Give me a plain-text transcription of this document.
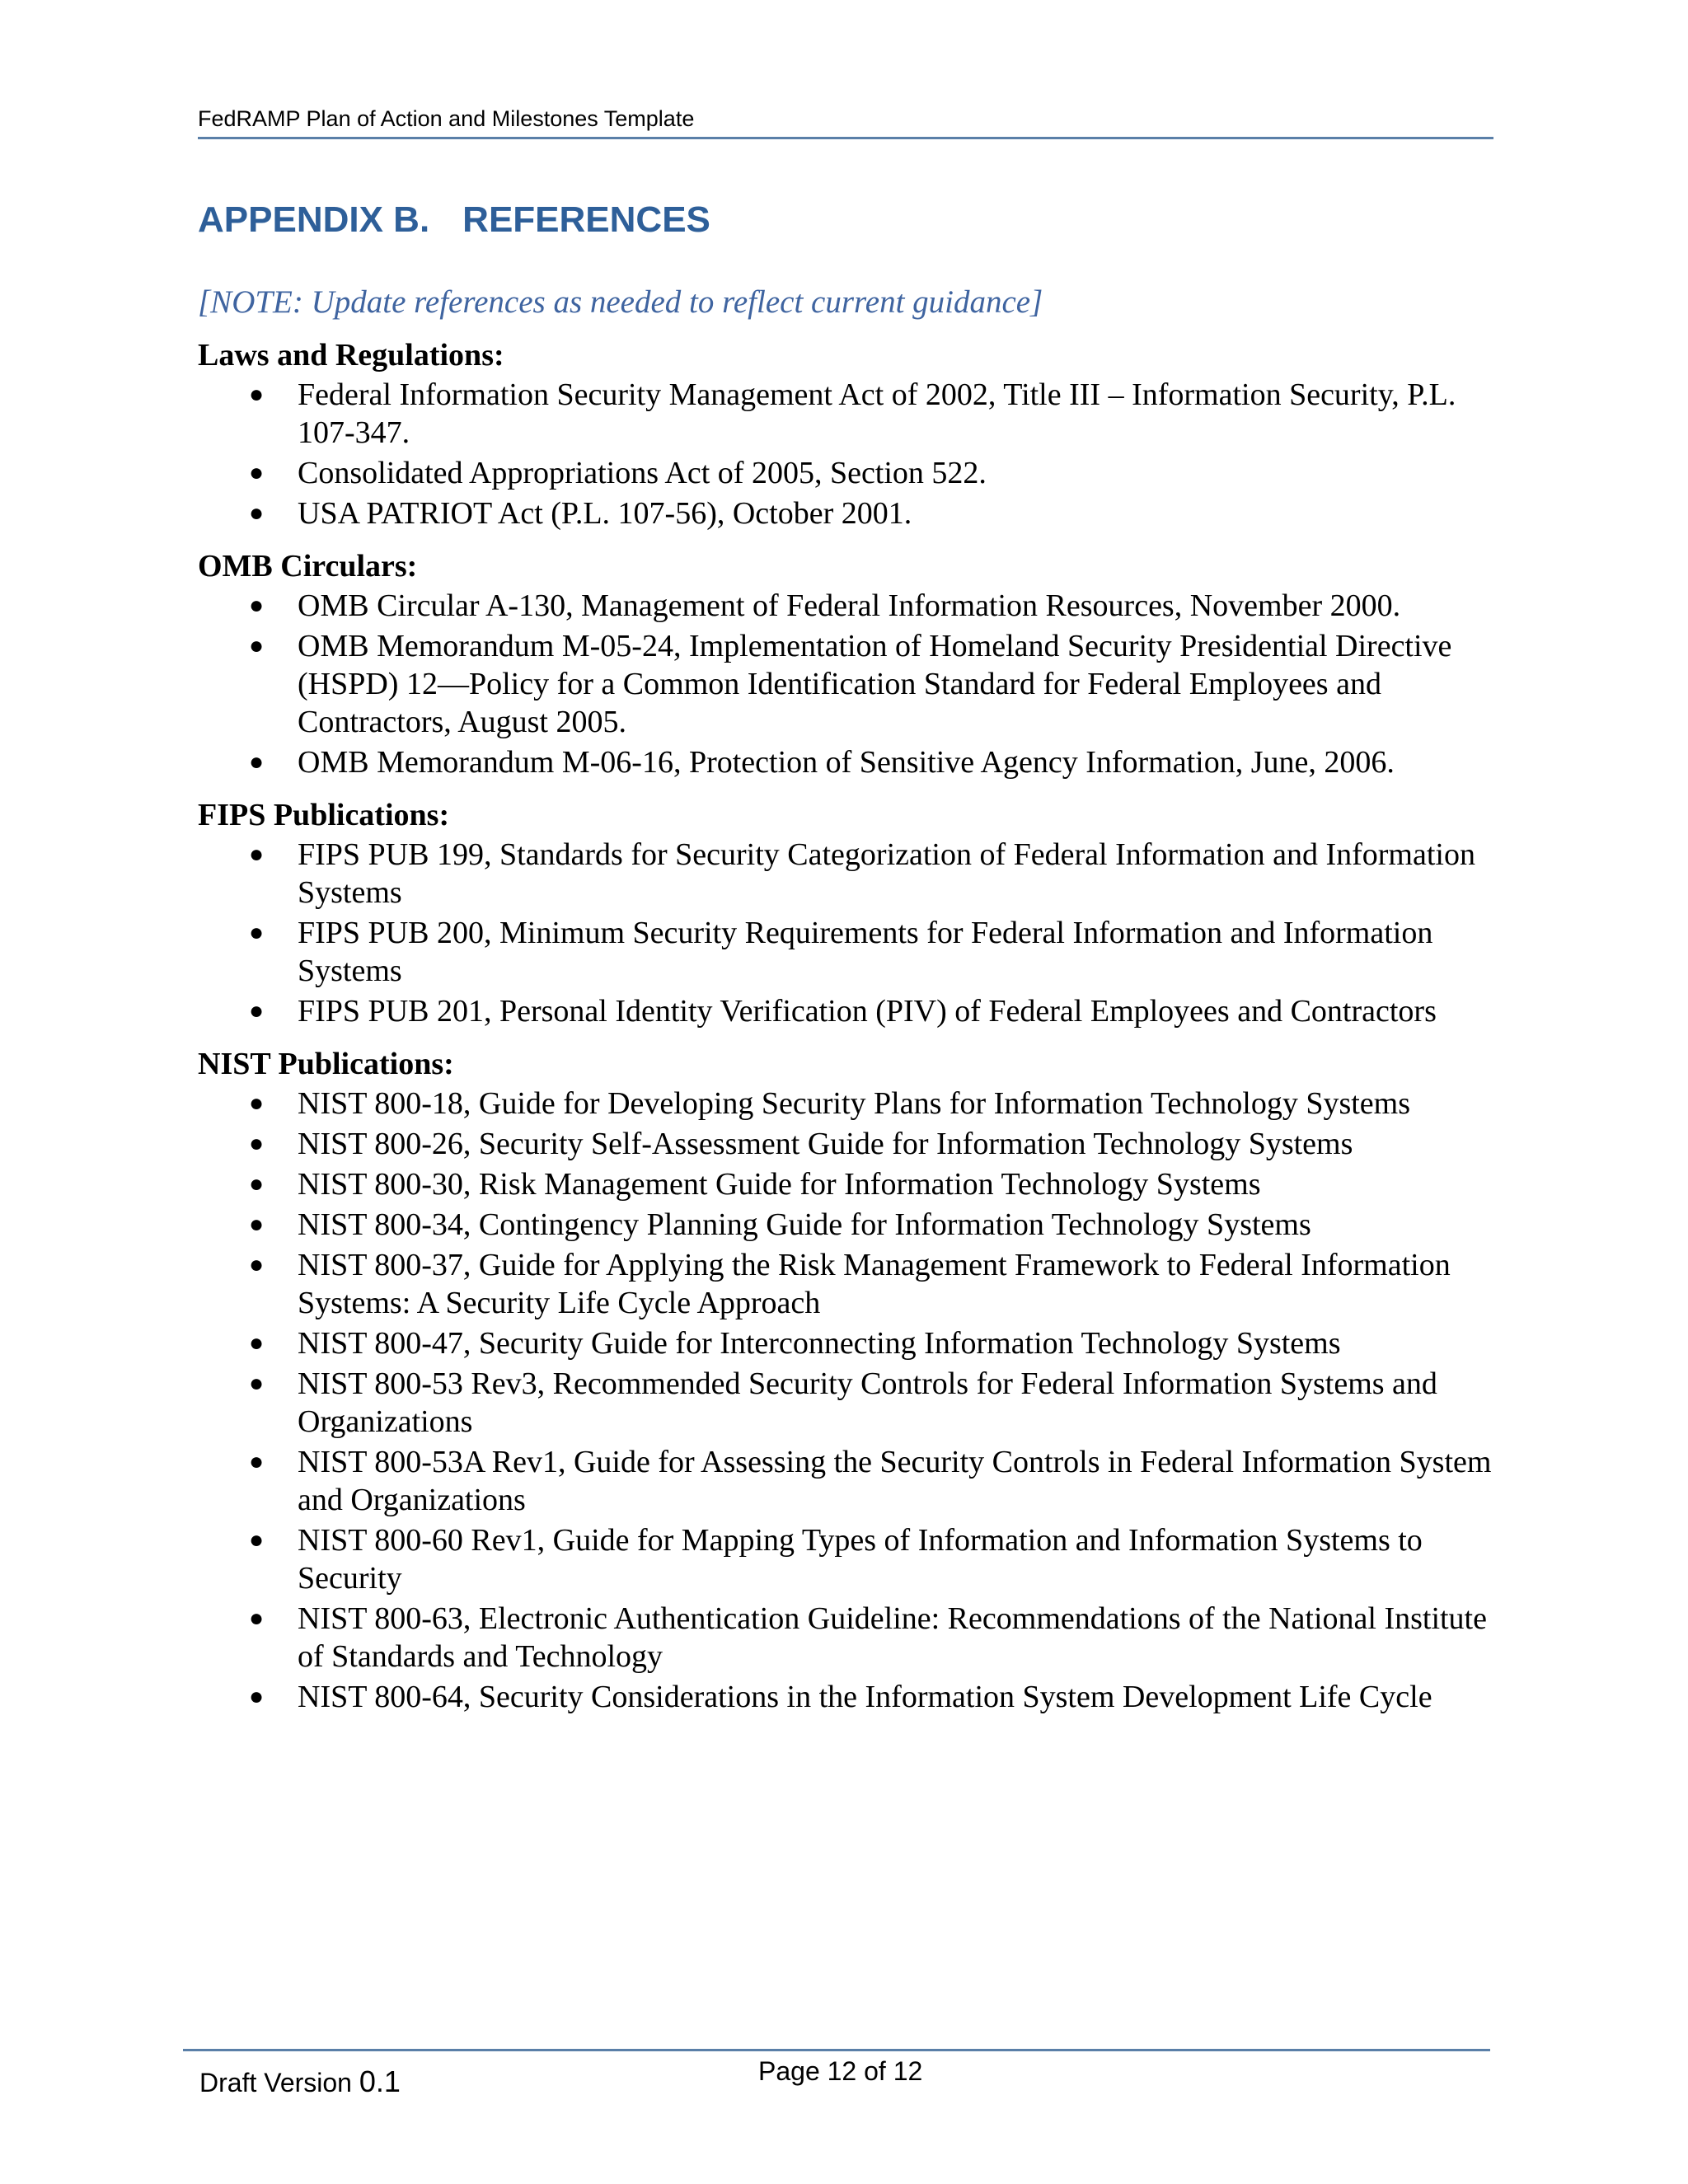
FedRAMP Plan of Action and Milestones Template
APPENDIX B. REFERENCES
[NOTE: Update references as needed to reflect current guidance]

Laws and Regulations:

● Federal Information Security Management Act of 2002, Title III – Information Security, P.L. 107-347.
● Consolidated Appropriations Act of 2005, Section 522.
● USA PATRIOT Act (P.L. 107-56), October 2001.

OMB Circulars:

● OMB Circular A-130, Management of Federal Information Resources, November 2000.
● OMB Memorandum M-05-24, Implementation of Homeland Security Presidential Directive (HSPD) 12—Policy for a Common Identification Standard for Federal Employees and Contractors, August 2005.
● OMB Memorandum M-06-16, Protection of Sensitive Agency Information, June, 2006.

FIPS Publications:

● FIPS PUB 199, Standards for Security Categorization of Federal Information and Information Systems
● FIPS PUB 200, Minimum Security Requirements for Federal Information and Information Systems
● FIPS PUB 201, Personal Identity Verification (PIV) of Federal Employees and Contractors

NIST Publications:

● NIST 800-18, Guide for Developing Security Plans for Information Technology Systems
● NIST 800-26, Security Self-Assessment Guide for Information Technology Systems
● NIST 800-30, Risk Management Guide for Information Technology Systems
● NIST 800-34, Contingency Planning Guide for Information Technology Systems
● NIST 800-37, Guide for Applying the Risk Management Framework to Federal Information Systems: A Security Life Cycle Approach
● NIST 800-47, Security Guide for Interconnecting Information Technology Systems
● NIST 800-53 Rev3, Recommended Security Controls for Federal Information Systems and Organizations
● NIST 800-53A Rev1, Guide for Assessing the Security Controls in Federal Information System and Organizations
● NIST 800-60 Rev1, Guide for Mapping Types of Information and Information Systems to Security
● NIST 800-63, Electronic Authentication Guideline: Recommendations of the National Institute of Standards and Technology
● NIST 800-64, Security Considerations in the Information System Development Life Cycle
Draft Version 0.1	Page 12 of 12
